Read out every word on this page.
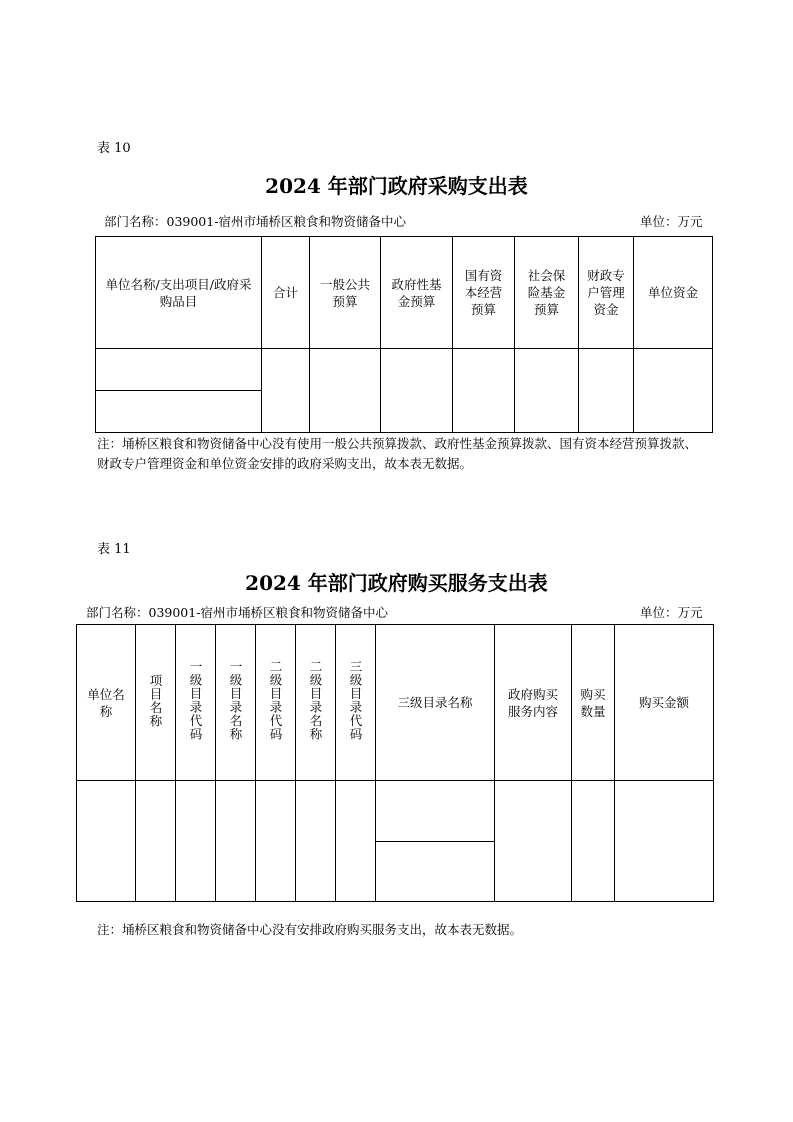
表 10
2024 年部门政府采购支出表
部门名称：039001-宿州市埇桥区粮食和物资储备中心	单位：万元
单位名称/支出项目/政府采购品目	合计	一般公共预算	政府性基金预算	国有资本经营预算	社会保险基金预算	财政专户管理资金	单位资金

注：埇桥区粮食和物资储备中心没有使用一般公共预算拨款、政府性基金预算拨款、国有资本经营预算拨款、财政专户管理资金和单位资金安排的政府采购支出，故本表无数据。
表 11
2024 年部门政府购买服务支出表
部门名称：039001-宿州市埇桥区粮食和物资储备中心	单位：万元
单位名称	项目名称	一级目录代码	一级目录名称	二级目录代码	二级目录名称	三级目录代码	三级目录名称	政府购买服务内容	购买数量	购买金额

注：埇桥区粮食和物资储备中心没有安排政府购买服务支出，故本表无数据。
